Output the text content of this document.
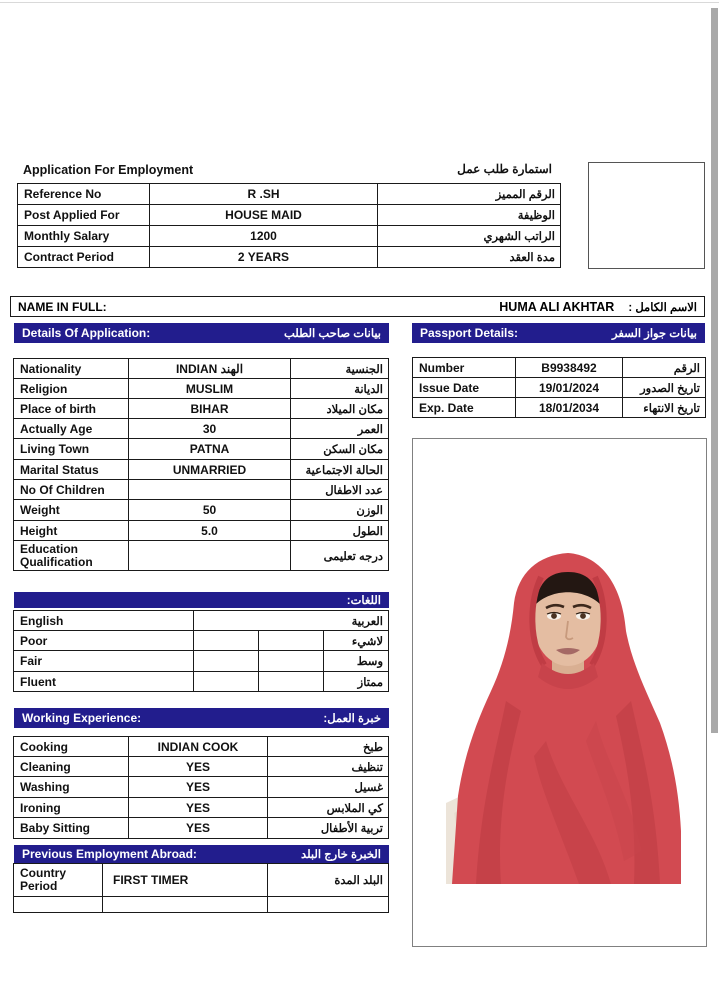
Application For Employment	استمارة طلب عمل
Reference No	R .SH	الرقم المميز
Post Applied For	HOUSE MAID	الوظيفة
Monthly Salary	1200	الراتب الشهري
Contract Period	2 YEARS	مدة العقد
NAME IN FULL:	HUMA ALI AKHTAR الاسم الكامل :
Details Of Application:	بيانات صاحب الطلب	Passport Details:	بيانات جواز السفر
Nationality	INDIAN الهند	الجنسية
Religion	MUSLIM	الديانة
Place of birth	BIHAR	مكان الميلاد
Actually Age	30	العمر
Living Town	PATNA	مكان السكن
Marital Status	UNMARRIED	الحالة الاجتماعية
No Of Children		عدد الاطفال
Weight	50	الوزن
Height	5.0	الطول
Education Qualification		درجه تعليمى
Number	B9938492	الرقم
Issue Date	19/01/2024	تاريخ الصدور
Exp. Date	18/01/2034	تاريخ الانتهاء
اللغات:
English	العربية		
Poor			لاشيء
Fair			وسط
Fluent			ممتاز
Working Experience:	خبرة العمل:
Cooking	INDIAN COOK	طبخ
Cleaning	YES	تنظيف
Washing	YES	غسيل
Ironing	YES	كي الملابس
Baby Sitting	YES	تربية الأطفال
Previous Employment Abroad:	الخبرة خارج البلد
Country Period	FIRST TIMER	البلد المدة
